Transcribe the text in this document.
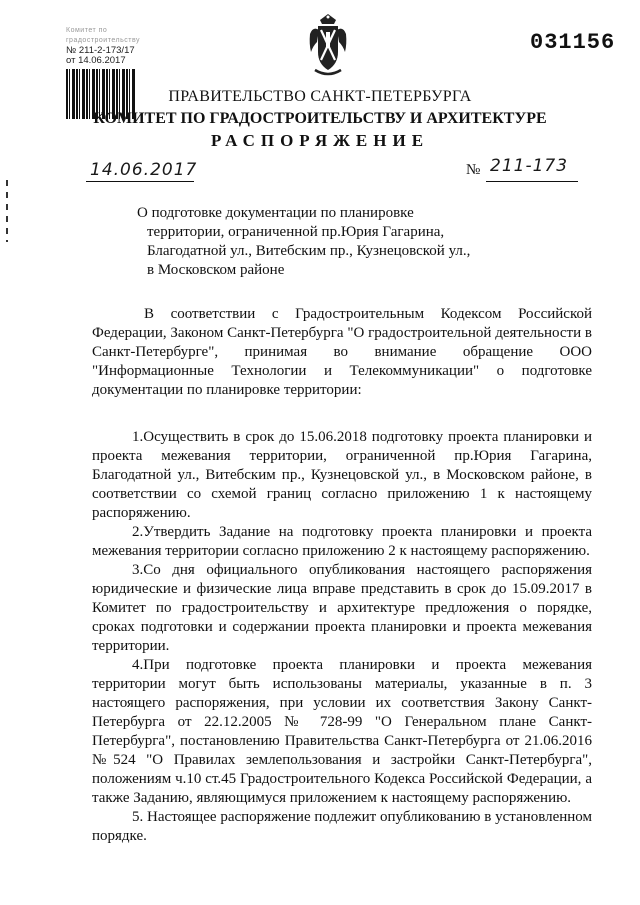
Комитет по градостроительству
№ 211-2-173/17
от 14.06.2017
031156
ПРАВИТЕЛЬСТВО САНКТ-ПЕТЕРБУРГА
КОМИТЕТ ПО ГРАДОСТРОИТЕЛЬСТВУ И АРХИТЕКТУРЕ
РАСПОРЯЖЕНИЕ
14.06.2017	№ 211-173
О подготовке документации по планировке
территории, ограниченной пр.Юрия Гагарина,
Благодатной ул., Витебским пр., Кузнецовской ул.,
в Московском районе
В соответствии с Градостроительным Кодексом Российской Федерации, Законом Санкт-Петербурга "О градостроительной деятельности в Санкт-Петербурге", принимая во внимание обращение ООО "Информационные Технологии и Телекоммуникации" о подготовке документации по планировке территории:

1.Осуществить в срок до 15.06.2018 подготовку проекта планировки и проекта межевания территории, ограниченной пр.Юрия Гагарина, Благодатной ул., Витебским пр., Кузнецовской ул., в Московском районе, в соответствии со схемой границ согласно приложению 1 к настоящему распоряжению.

2.Утвердить Задание на подготовку проекта планировки и проекта межевания территории согласно приложению 2 к настоящему распоряжению.

3.Со дня официального опубликования настоящего распоряжения юридические и физические лица вправе представить в срок до 15.09.2017 в Комитет по градостроительству и архитектуре предложения о порядке, сроках подготовки и содержании проекта планировки и проекта межевания территории.

4.При подготовке проекта планировки и проекта межевания территории могут быть использованы материалы, указанные в п. 3 настоящего распоряжения, при условии их соответствия Закону Санкт-Петербурга от 22.12.2005 № 728-99 "О Генеральном плане Санкт-Петербурга", постановлению Правительства Санкт-Петербурга от 21.06.2016 №524 "О Правилах землепользования и застройки Санкт-Петербурга", положениям ч.10 ст.45 Градостроительного Кодекса Российской Федерации, а также Заданию, являющимуся приложением к настоящему распоряжению.

5. Настоящее распоряжение подлежит опубликованию в установленном порядке.
